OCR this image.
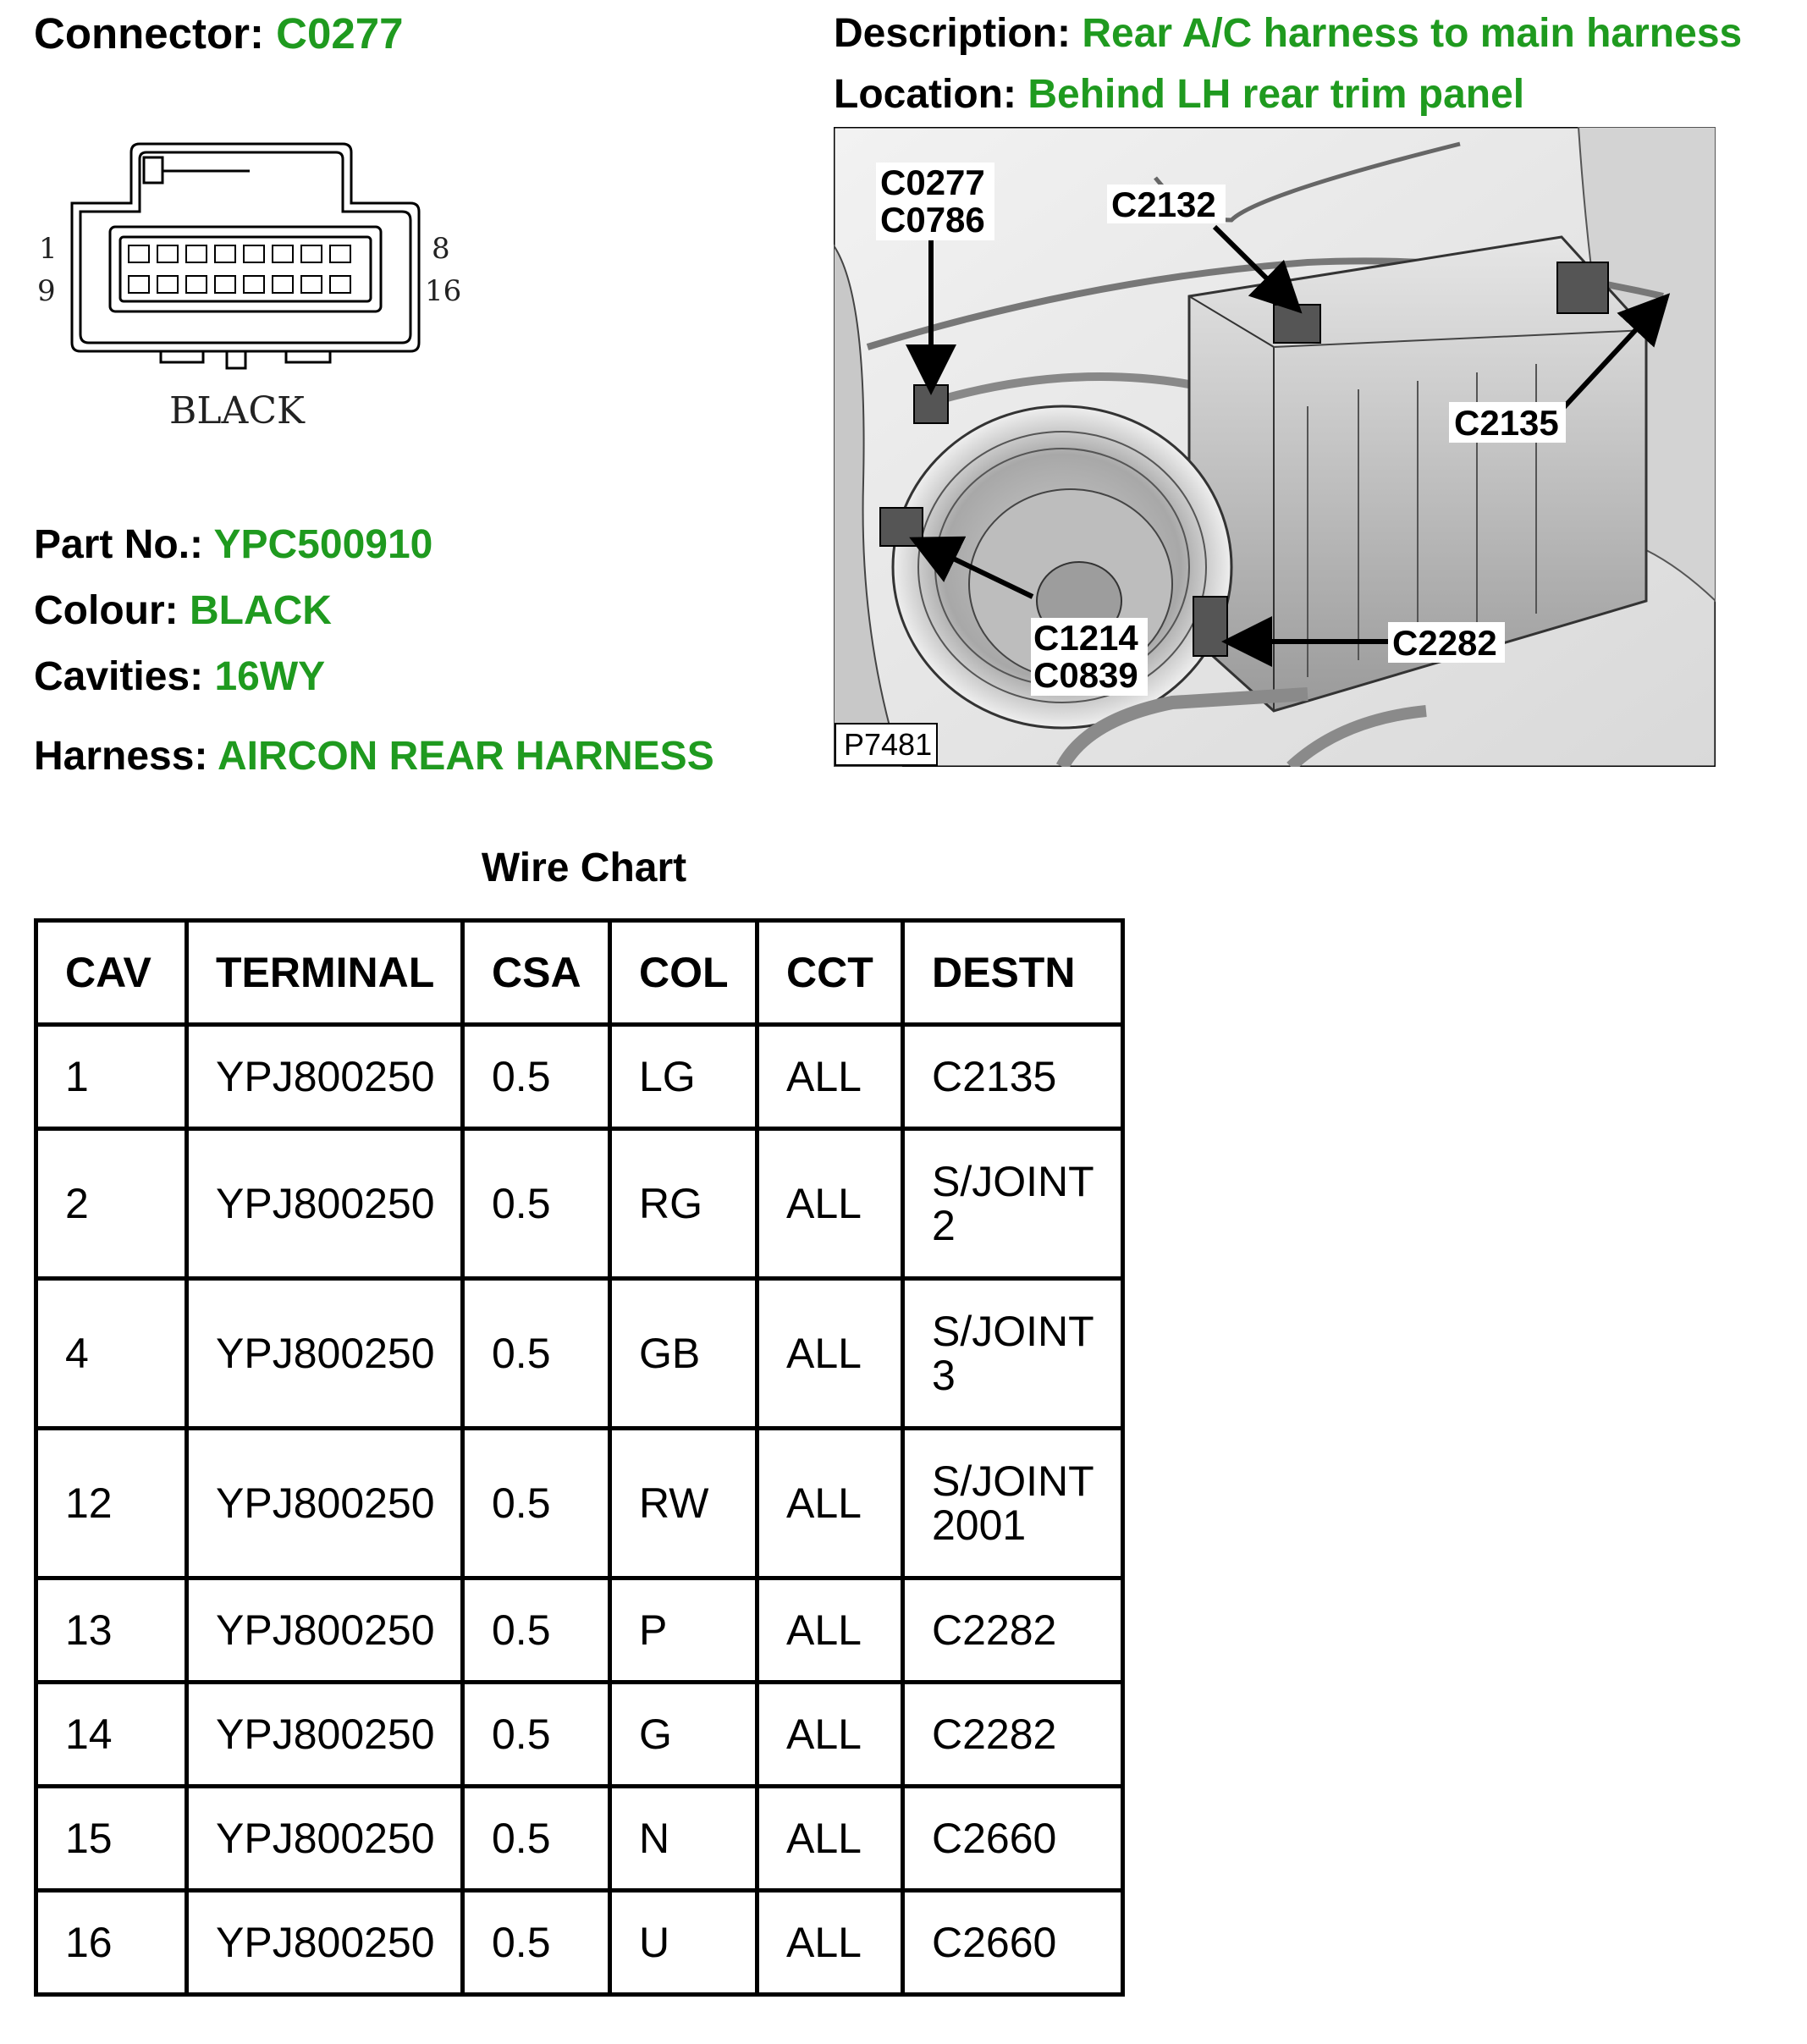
Connector: C0277	Description: Rear A/C harness to main harness
Location: Behind LH rear trim panel
1
9
8
16
BLACK
Part No.: YPC500910
Colour: BLACK
Cavities: 16WY
Harness: AIRCON REAR HARNESS
C0277
C0786	C2132
C2135
C1214
C0839
C2282
P7481
Wire Chart
CAV	TERMINAL	CSA	COL	CCT	DESTN
1	YPJ800250	0.5	LG	ALL	C2135
2	YPJ800250	0.5	RG	ALL	S/JOINT 2
4	YPJ800250	0.5	GB	ALL	S/JOINT 3
12	YPJ800250	0.5	RW	ALL	S/JOINT 2001
13	YPJ800250	0.5	P	ALL	C2282
14	YPJ800250	0.5	G	ALL	C2282
15	YPJ800250	0.5	N	ALL	C2660
16	YPJ800250	0.5	U	ALL	C2660
